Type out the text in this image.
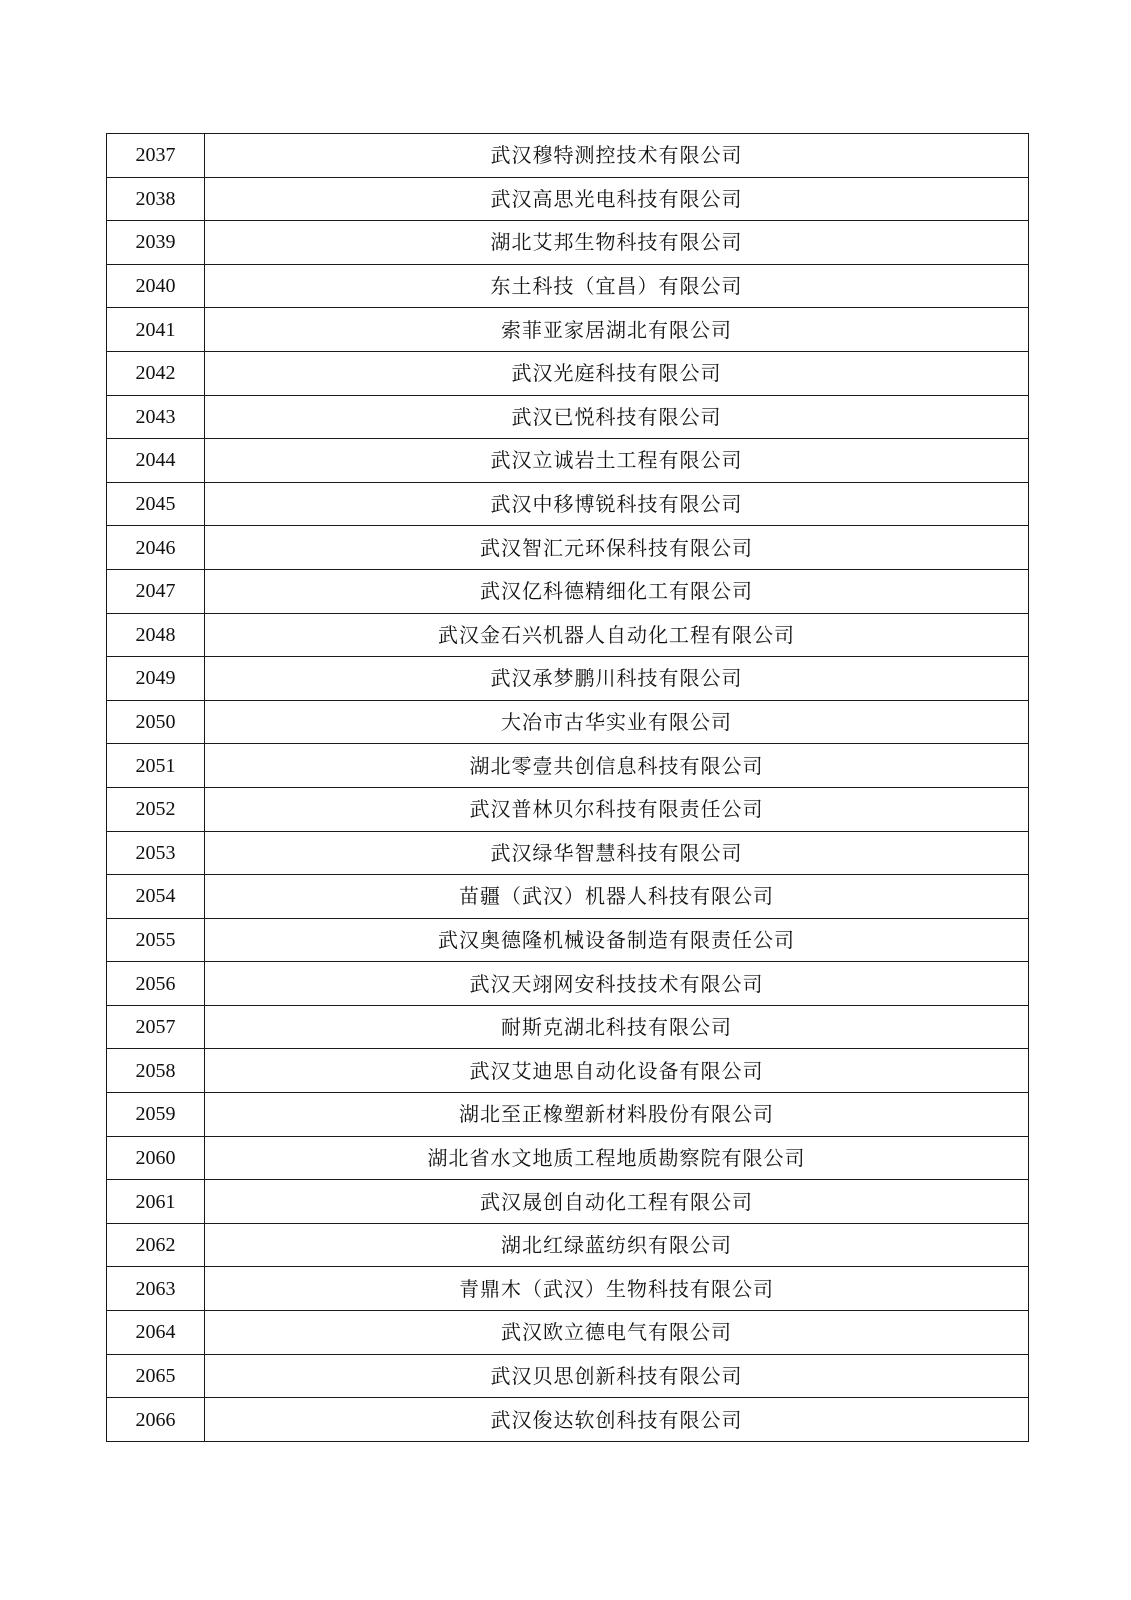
2037	武汉穆特测控技术有限公司
2038	武汉高思光电科技有限公司
2039	湖北艾邦生物科技有限公司
2040	东土科技（宜昌）有限公司
2041	索菲亚家居湖北有限公司
2042	武汉光庭科技有限公司
2043	武汉已悦科技有限公司
2044	武汉立诚岩土工程有限公司
2045	武汉中移博锐科技有限公司
2046	武汉智汇元环保科技有限公司
2047	武汉亿科德精细化工有限公司
2048	武汉金石兴机器人自动化工程有限公司
2049	武汉承梦鹏川科技有限公司
2050	大冶市古华实业有限公司
2051	湖北零壹共创信息科技有限公司
2052	武汉普林贝尔科技有限责任公司
2053	武汉绿华智慧科技有限公司
2054	苗疆（武汉）机器人科技有限公司
2055	武汉奥德隆机械设备制造有限责任公司
2056	武汉天翊网安科技技术有限公司
2057	耐斯克湖北科技有限公司
2058	武汉艾迪思自动化设备有限公司
2059	湖北至正橡塑新材料股份有限公司
2060	湖北省水文地质工程地质勘察院有限公司
2061	武汉晟创自动化工程有限公司
2062	湖北红绿蓝纺织有限公司
2063	青鼎木（武汉）生物科技有限公司
2064	武汉欧立德电气有限公司
2065	武汉贝思创新科技有限公司
2066	武汉俊达软创科技有限公司
